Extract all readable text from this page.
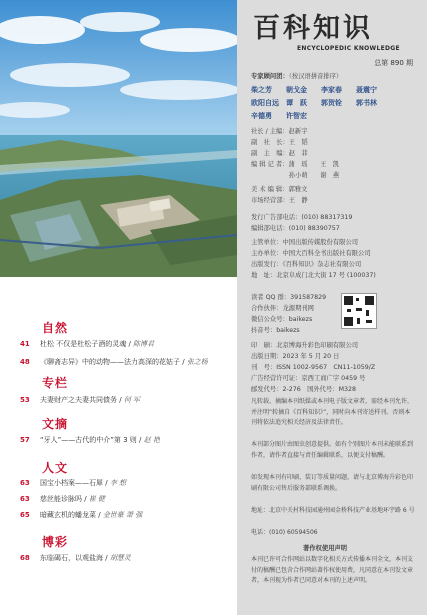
自然
41 杜松 不仅是杜松子酒的灵魂 / 陈博君
48 《聊斋志异》中的动物——法力高深的花姑子 / 张之杨
专栏
53 夫妻财产之夫妻共同债务 / 何 军
文摘
57 “牙人”——古代的中介”第 3 则 / 赵 艳
人文
63 国宝小档案——石犀 / 李 想
63 慈丝能诊脉吗 / 崔 健
65 暗藏玄机的蟠龙菜 / 金世豪 萧 强
博彩
68 东临碣石，以观盐海 / 胡慧灵
百科知识
ENCYCLOPEDIC KNOWLEDGE
总第 890 期
专家顾问团：（按汉语拼音排序）
柴之芳　　朝戈金　　李家春　　聂震宁
欧阳自远　谭　跃　　郭贺铨　　郭书林
辛德勇　　许智宏
社长 / 主编：赵新宇
副　社　长：王　韬
副　主　编：赵　菲
编 辑 记 者：蒲　瑶　　王　凯
　　　　　　孙小萌　　谢　燕
美 术 编 辑：郭雅文
市场经营部：王　静
发行广告部电话：(010) 88317319
编辑部电话：(010) 88390757
主管单位：中国出版传媒股份有限公司
主办单位：中国大百科全书出版社有限公司
出版发行：《百科知识》杂志社有限公司
地　址：北京阜成门北大街 17 号 (100037)
读者 QQ 群：391587829
合作伙伴：龙源期刊网
微信公众号：baikezs
抖音号：baikezs
印　刷：北京博海升彩色印刷有限公司
出版日期：2023 年 5 月 20 日
刊　号：ISSN 1002-9567　CN11-1059/Z
广告经营许可证：京西工商广字 0459 号
邮发代号：2-276　国外代号：M328
凡转载、摘编本刊纸媒或本刊电子版文章者，需经本刊允许，并注明“转摘自《百科知识》”，同时向本刊寄送样刊。否则本刊将依法追究相关经济及法律责任。
本刊部分图片由图虫创意提供。如有个别图片本刊未能联系到作者，请作者直接与责任编辑联系，以便支付稿酬。
如发现本刊有印刷、装订等质量问题，请与北京博海升彩色印刷有限公司售后服务部联系调换。
地址：北京中关村科技园通州园金桥科技产业基地环宇路 6 号
电话：(010) 60594506
著作权使用声明
本刊已许可合作网站以数字化相关方式传播本刊全文，本刊支付的稿酬已包含合作网站著作权使用费，凡同意在本刊发文章者，本刊视为作者已同意对本刊的上述声明。
